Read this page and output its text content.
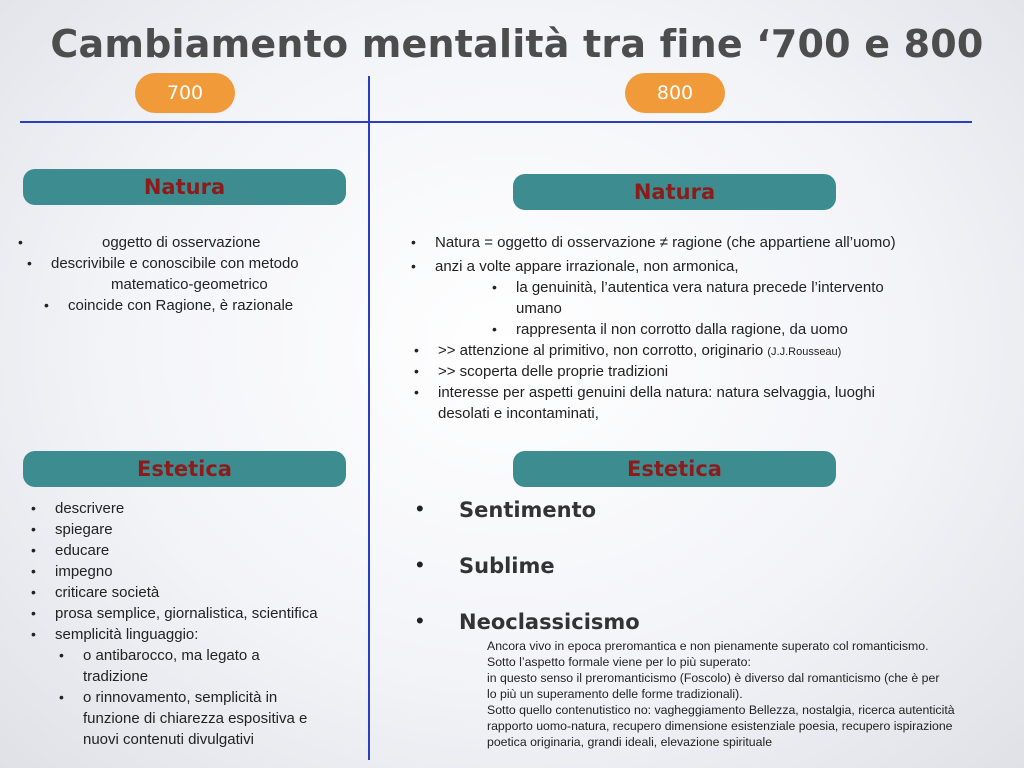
Cambiamento mentalità tra fine ‘700 e 800
700	800
Natura
• oggetto di osservazione
• descrivibile e conoscibile con metodo
matematico-geometrico
• coincide con Ragione, è razionale
Natura
• Natura = oggetto di osservazione ≠ ragione (che appartiene all’uomo)
• anzi a volte appare irrazionale, non armonica,
• la genuinità, l’autentica vera natura precede l’intervento
umano
• rappresenta il non corrotto dalla ragione, da uomo
• >> attenzione al primitivo, non corrotto, originario (J.J.Rousseau)
• >> scoperta delle proprie tradizioni
• interesse per aspetti genuini della natura: natura selvaggia, luoghi
desolati e incontaminati,
Estetica
• descrivere
• spiegare
• educare
• impegno
• criticare società
• prosa semplice, giornalistica, scientifica
• semplicità linguaggio:
• o antibarocco, ma legato a
tradizione
• o rinnovamento, semplicità in
funzione di chiarezza espositiva e
nuovi contenuti divulgativi
Estetica
• Sentimento
• Sublime
• Neoclassicismo
Ancora vivo in epoca preromantica e non pienamente superato col romanticismo.
Sotto l’aspetto formale viene per lo più superato:
in questo senso il preromanticismo (Foscolo) è diverso dal romanticismo (che è per
lo più un superamento delle forme tradizionali).
Sotto quello contenutistico no: vagheggiamento Bellezza, nostalgia, ricerca autenticità
rapporto uomo-natura, recupero dimensione esistenziale poesia, recupero ispirazione
poetica originaria, grandi ideali, elevazione spirituale
